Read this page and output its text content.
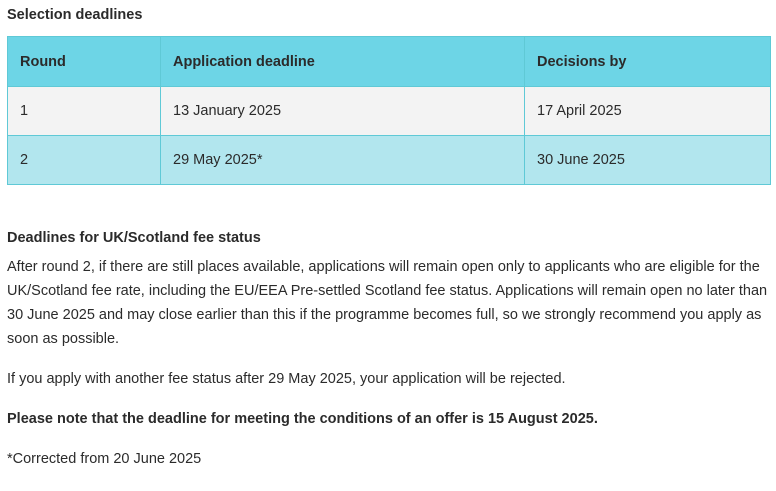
Selection deadlines
Round	Application deadline	Decisions by
1	13 January 2025	17 April 2025
2	29 May 2025*	30 June 2025
Deadlines for UK/Scotland fee status

After round 2, if there are still places available, applications will remain open only to applicants who are eligible for the UK/Scotland fee rate, including the EU/EEA Pre-settled Scotland fee status. Applications will remain open no later than 30 June 2025 and may close earlier than this if the programme becomes full, so we strongly recommend you apply as soon as possible.

If you apply with another fee status after 29 May 2025, your application will be rejected.

Please note that the deadline for meeting the conditions of an offer is 15 August 2025.

*Corrected from 20 June 2025
